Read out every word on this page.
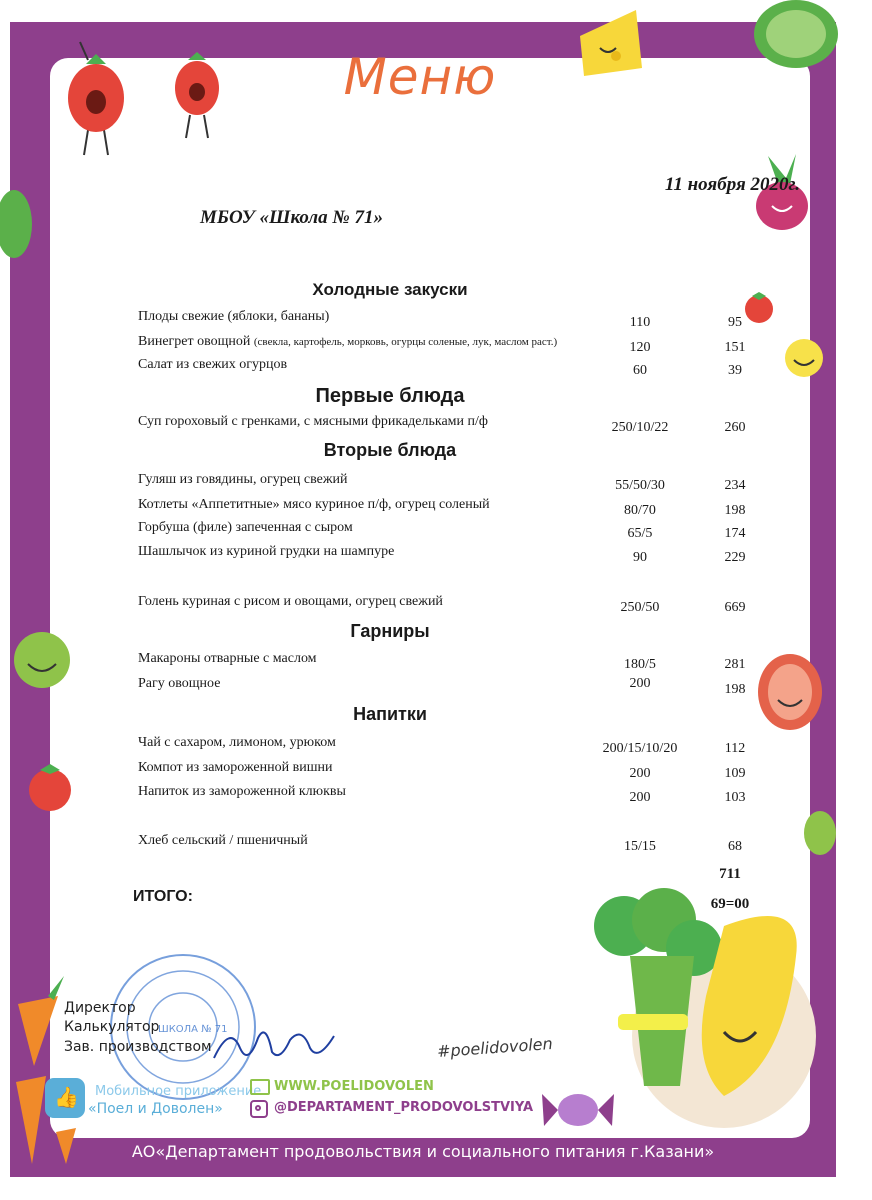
Меню
11 ноября 2020г.
МБОУ «Школа № 71»
Холодные закуски
Плоды свежие (яблоки, бананы)	110	95
Винегрет овощной (свекла, картофель, морковь, огурцы соленые, лук, маслом раст.)	120	151
Салат из свежих огурцов	60	39
Первые блюда
Суп гороховый с гренками, с мясными фрикадельками п/ф	250/10/22	260
Вторые блюда
Гуляш из говядины, огурец свежий	55/50/30	234
Котлеты «Аппетитные» мясо куриное п/ф, огурец соленый	80/70	198
Горбуша (филе) запеченная с сыром	65/5	174
Шашлычок из куриной грудки на шампуре	90	229
Голень куриная с рисом и овощами, огурец свежий	250/50	669
Гарниры
Макароны отварные с маслом	180/5	281
Рагу овощное	200	198
Напитки
Чай с сахаром, лимоном, урюком	200/15/10/20	112
Компот из замороженной вишни	200	109
Напиток из замороженной клюквы	200	103
Хлеб сельский / пшеничный	15/15	68
ИТОГО:
711
69=00
ШКОЛА № 71
Директор
Калькулятор
Зав. производством
👍 Мобильное приложение
«Поел и Доволен»
WWW.POELIDOVOLEN
@DEPARTAMENT_PRODOVOLSTVIYA
#poelidovolen
АО«Департамент продовольствия и социального питания г.Казани»
